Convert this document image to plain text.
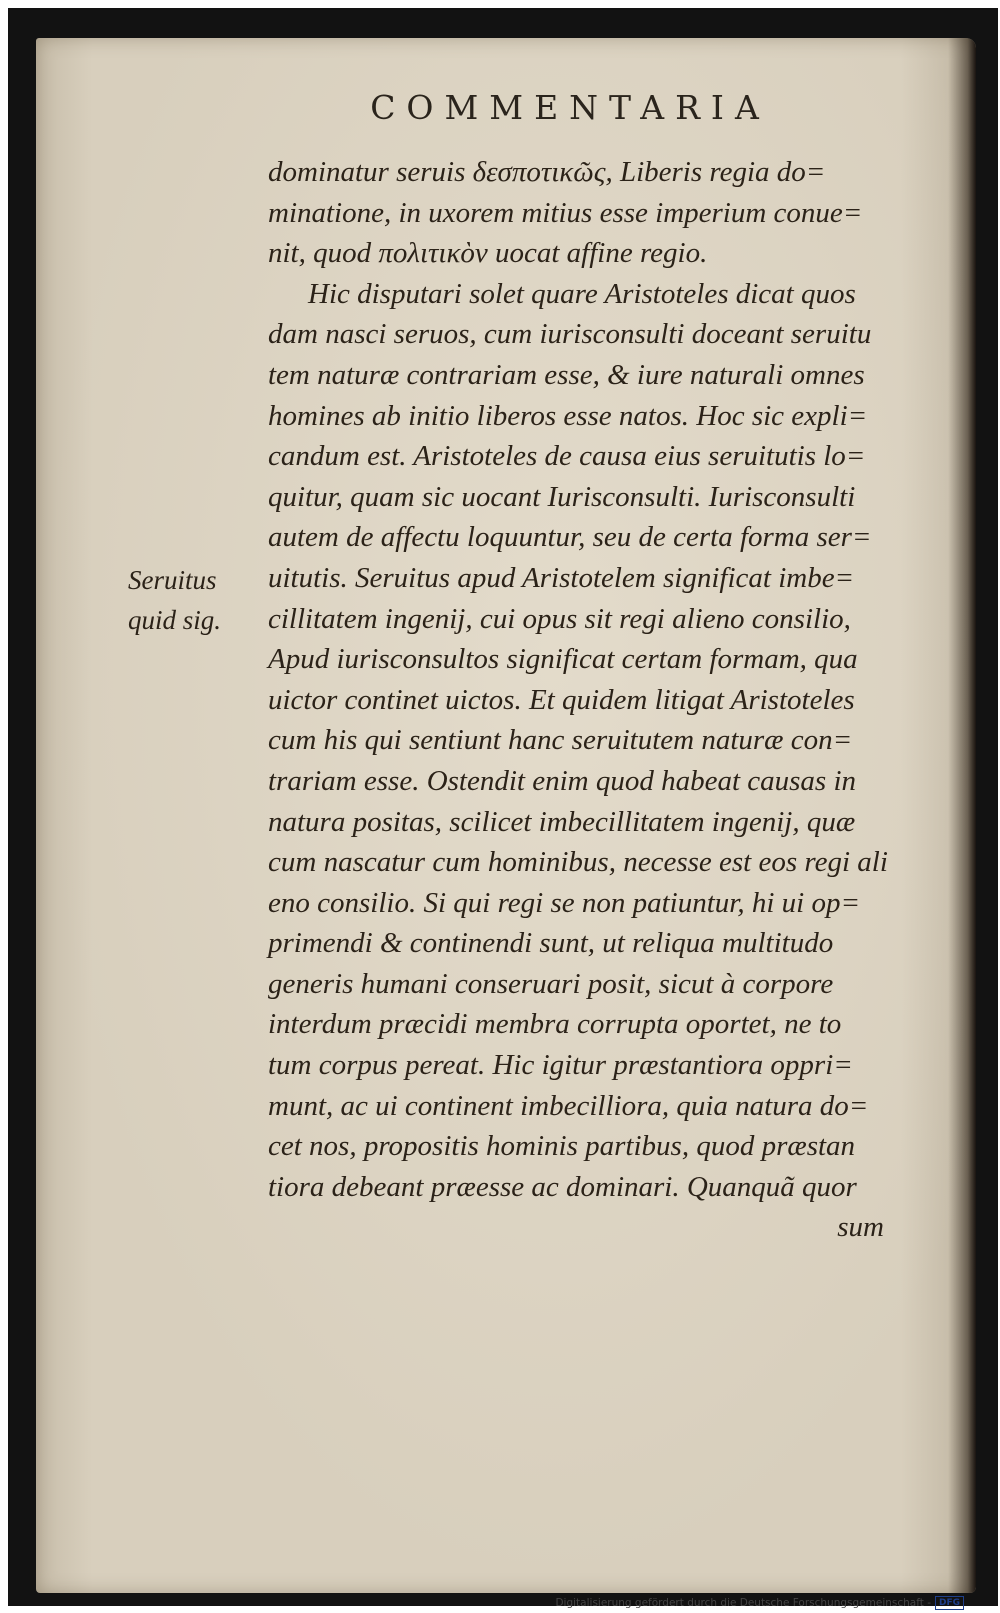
COMMENTARIA
Seruitus
quid sig.
dominatur seruis δεσποτικῶς, Liberis regia do=
minatione, in uxorem mitius esse imperium conue=
nit, quod πολιτικὸν uocat affine regio.
Hic disputari solet quare Aristoteles dicat quos
dam nasci seruos, cum iurisconsulti doceant seruitu
tem naturæ contrariam esse, & iure naturali omnes
homines ab initio liberos esse natos. Hoc sic expli=
candum est. Aristoteles de causa eius seruitutis lo=
quitur, quam sic uocant Iurisconsulti. Iurisconsulti
autem de affectu loquuntur, seu de certa forma ser=
uitutis. Seruitus apud Aristotelem significat imbe=
cillitatem ingenij, cui opus sit regi alieno consilio,
Apud iurisconsultos significat certam formam, qua
uictor continet uictos. Et quidem litigat Aristoteles
cum his qui sentiunt hanc seruitutem naturæ con=
trariam esse. Ostendit enim quod habeat causas in
natura positas, scilicet imbecillitatem ingenij, quæ
cum nascatur cum hominibus, necesse est eos regi ali
eno consilio. Si qui regi se non patiuntur, hi ui op=
primendi & continendi sunt, ut reliqua multitudo
generis humani conseruari posit, sicut à corpore
interdum præcidi membra corrupta oportet, ne to
tum corpus pereat. Hic igitur præstantiora oppri=
munt, ac ui continent imbecilliora, quia natura do=
cet nos, propositis hominis partibus, quod præstan
tiora debeant præesse ac dominari. Quanquã quor
sum
Digitalisierung gefördert durch die Deutsche Forschungsgemeinschaft - DFG
